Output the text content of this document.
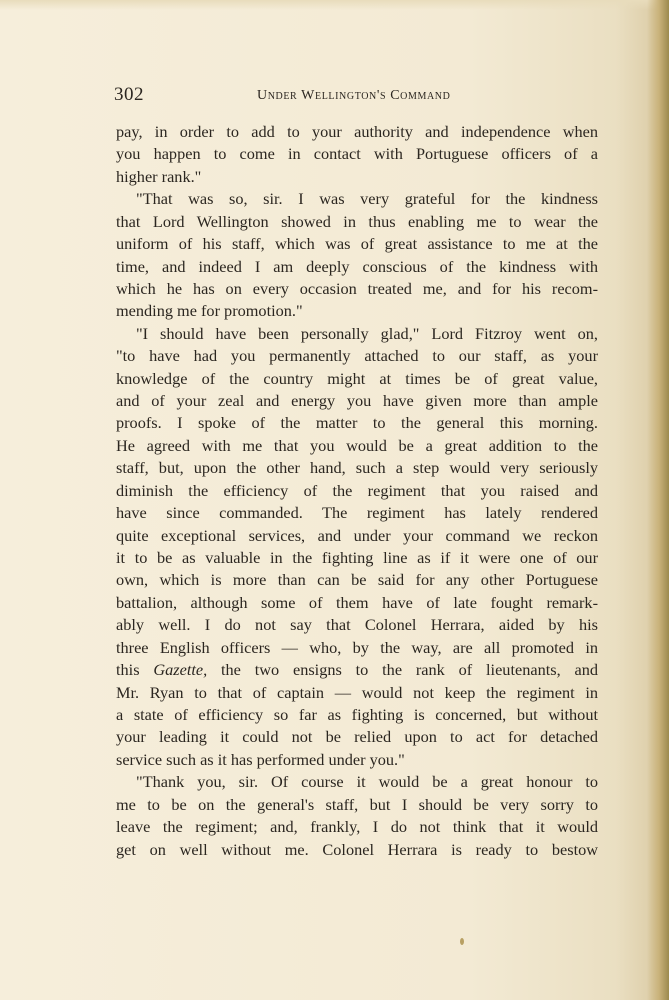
302	Under Wellington's Command
pay, in order to add to your authority and independence when
you happen to come in contact with Portuguese officers of a
higher rank."
"That was so, sir. I was very grateful for the kindness
that Lord Wellington showed in thus enabling me to wear the
uniform of his staff, which was of great assistance to me at the
time, and indeed I am deeply conscious of the kindness with
which he has on every occasion treated me, and for his recom-
mending me for promotion."
"I should have been personally glad," Lord Fitzroy went on,
"to have had you permanently attached to our staff, as your
knowledge of the country might at times be of great value,
and of your zeal and energy you have given more than ample
proofs. I spoke of the matter to the general this morning.
He agreed with me that you would be a great addition to the
staff, but, upon the other hand, such a step would very seriously
diminish the efficiency of the regiment that you raised and
have since commanded. The regiment has lately rendered
quite exceptional services, and under your command we reckon
it to be as valuable in the fighting line as if it were one of our
own, which is more than can be said for any other Portuguese
battalion, although some of them have of late fought remark-
ably well. I do not say that Colonel Herrara, aided by his
three English officers — who, by the way, are all promoted in
this Gazette, the two ensigns to the rank of lieutenants, and
Mr. Ryan to that of captain — would not keep the regiment in
a state of efficiency so far as fighting is concerned, but without
your leading it could not be relied upon to act for detached
service such as it has performed under you."
"Thank you, sir. Of course it would be a great honour to
me to be on the general's staff, but I should be very sorry to
leave the regiment; and, frankly, I do not think that it would
get on well without me. Colonel Herrara is ready to bestow
